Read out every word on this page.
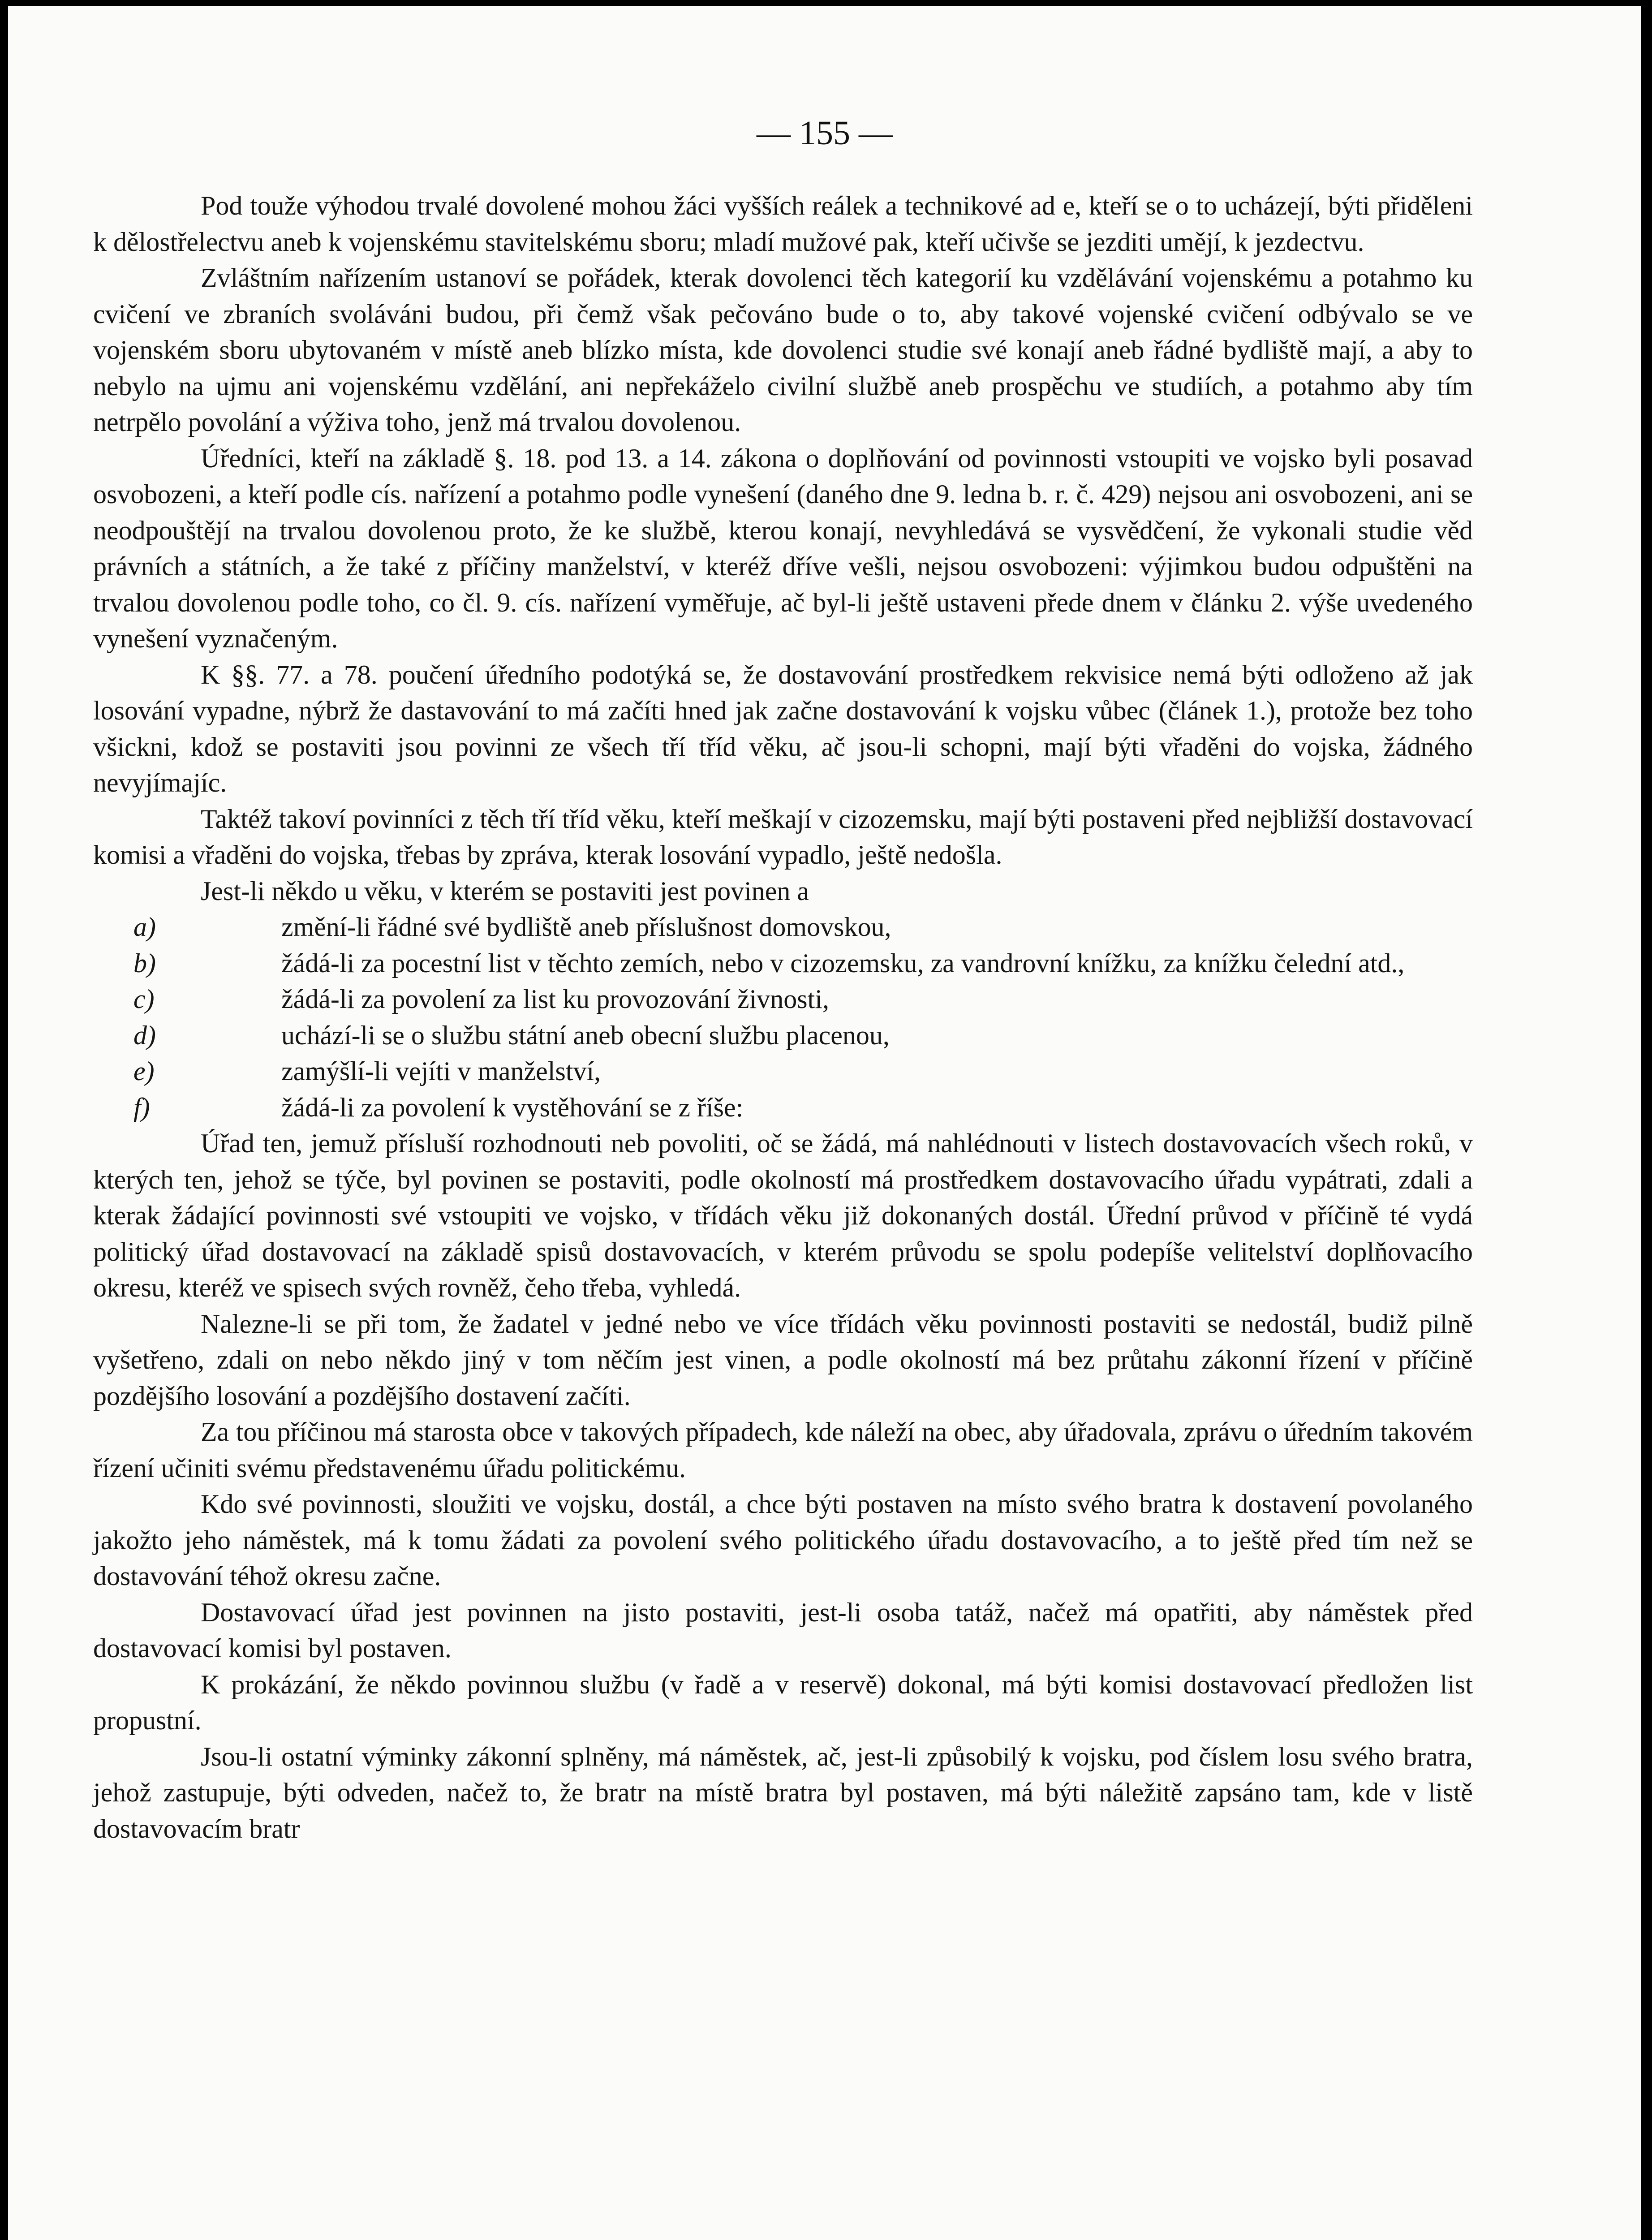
— 155 —

Pod touže výhodou trvalé dovolené mohou žáci vyšších reálek a technikové ad e, kteří se o to ucházejí, býti přiděleni k dělostřelectvu aneb k vojenskému stavitelskému sboru; mladí mužové pak, kteří učivše se jezditi umějí, k jezdectvu.

Zvláštním nařízením ustanoví se pořádek, kterak dovolenci těch kategorií ku vzdělávání vojenskému a potahmo ku cvičení ve zbraních svoláváni budou, při čemž však pečováno bude o to, aby takové vojenské cvičení odbývalo se ve vojenském sboru ubytovaném v místě aneb blízko místa, kde dovolenci studie své konají aneb řádné bydliště mají, a aby to nebylo na ujmu ani vojenskému vzdělání, ani nepřekáželo civilní službě aneb prospěchu ve studiích, a potahmo aby tím netrpělo povolání a výživa toho, jenž má trvalou dovolenou.

Úředníci, kteří na základě §. 18. pod 13. a 14. zákona o doplňování od povinnosti vstoupiti ve vojsko byli posavad osvobozeni, a kteří podle cís. nařízení a potahmo podle vynešení (daného dne 9. ledna b. r. č. 429) nejsou ani osvobozeni, ani se neodpouštějí na trvalou dovolenou proto, že ke službě, kterou konají, nevyhledává se vysvědčení, že vykonali studie věd právních a státních, a že také z příčiny manželství, v kteréž dříve vešli, nejsou osvobozeni: výjimkou budou odpuštěni na trvalou dovolenou podle toho, co čl. 9. cís. nařízení vyměřuje, ač byl-li ještě ustaveni přede dnem v článku 2. výše uvedeného vynešení vyznačeným.

K §§. 77. a 78. poučení úředního podotýká se, že dostavování prostředkem rekvisice nemá býti odloženo až jak losování vypadne, nýbrž že dastavování to má začíti hned jak začne dostavování k vojsku vůbec (článek 1.), protože bez toho všickni, kdož se postaviti jsou povinni ze všech tří tříd věku, ač jsou-li schopni, mají býti vřaděni do vojska, žádného nevyjímajíc.

Taktéž takoví povinníci z těch tří tříd věku, kteří meškají v cizozemsku, mají býti postaveni před nejbližší dostavovací komisi a vřaděni do vojska, třebas by zpráva, kterak losování vypadlo, ještě nedošla.

Jest-li někdo u věku, v kterém se postaviti jest povinen a

a)	změní-li řádné své bydliště aneb příslušnost domovskou,

b)	žádá-li za pocestní list v těchto zemích, nebo v cizozemsku, za vandrovní knížku, za knížku čelední atd.,

c)	žádá-li za povolení za list ku provozování živnosti,

d)	uchází-li se o službu státní aneb obecní službu placenou,

e)	zamýšlí-li vejíti v manželství,

f)	žádá-li za povolení k vystěhování se z říše:

Úřad ten, jemuž přísluší rozhodnouti neb povoliti, oč se žádá, má nahlédnouti v listech dostavovacích všech roků, v kterých ten, jehož se týče, byl povinen se postaviti, podle okolností má prostředkem dostavovacího úřadu vypátrati, zdali a kterak žádající povinnosti své vstoupiti ve vojsko, v třídách věku již dokonaných dostál. Úřední průvod v příčině té vydá politický úřad dostavovací na základě spisů dostavovacích, v kterém průvodu se spolu podepíše velitelství doplňovacího okresu, kteréž ve spisech svých rovněž, čeho třeba, vyhledá.

Nalezne-li se při tom, že žadatel v jedné nebo ve více třídách věku povinnosti postaviti se nedostál, budiž pilně vyšetřeno, zdali on nebo někdo jiný v tom něčím jest vinen, a podle okolností má bez průtahu zákonní řízení v příčině pozdějšího losování a pozdějšího dostavení začíti.

Za tou příčinou má starosta obce v takových případech, kde náleží na obec, aby úřadovala, zprávu o úředním takovém řízení učiniti svému představenému úřadu politickému.

Kdo své povinnosti, sloužiti ve vojsku, dostál, a chce býti postaven na místo svého bratra k dostavení povolaného jakožto jeho náměstek, má k tomu žádati za povolení svého politického úřadu dostavovacího, a to ještě před tím než se dostavování téhož okresu začne.

Dostavovací úřad jest povinnen na jisto postaviti, jest-li osoba tatáž, načež má opatřiti, aby náměstek před dostavovací komisi byl postaven.

K prokázání, že někdo povinnou službu (v řadě a v reservě) dokonal, má býti komisi dostavovací předložen list propustní.

Jsou-li ostatní výminky zákonní splněny, má náměstek, ač, jest-li způsobilý k vojsku, pod číslem losu svého bratra, jehož zastupuje, býti odveden, načež to, že bratr na místě bratra byl postaven, má býti náležitě zapsáno tam, kde v listě dostavovacím bratr
